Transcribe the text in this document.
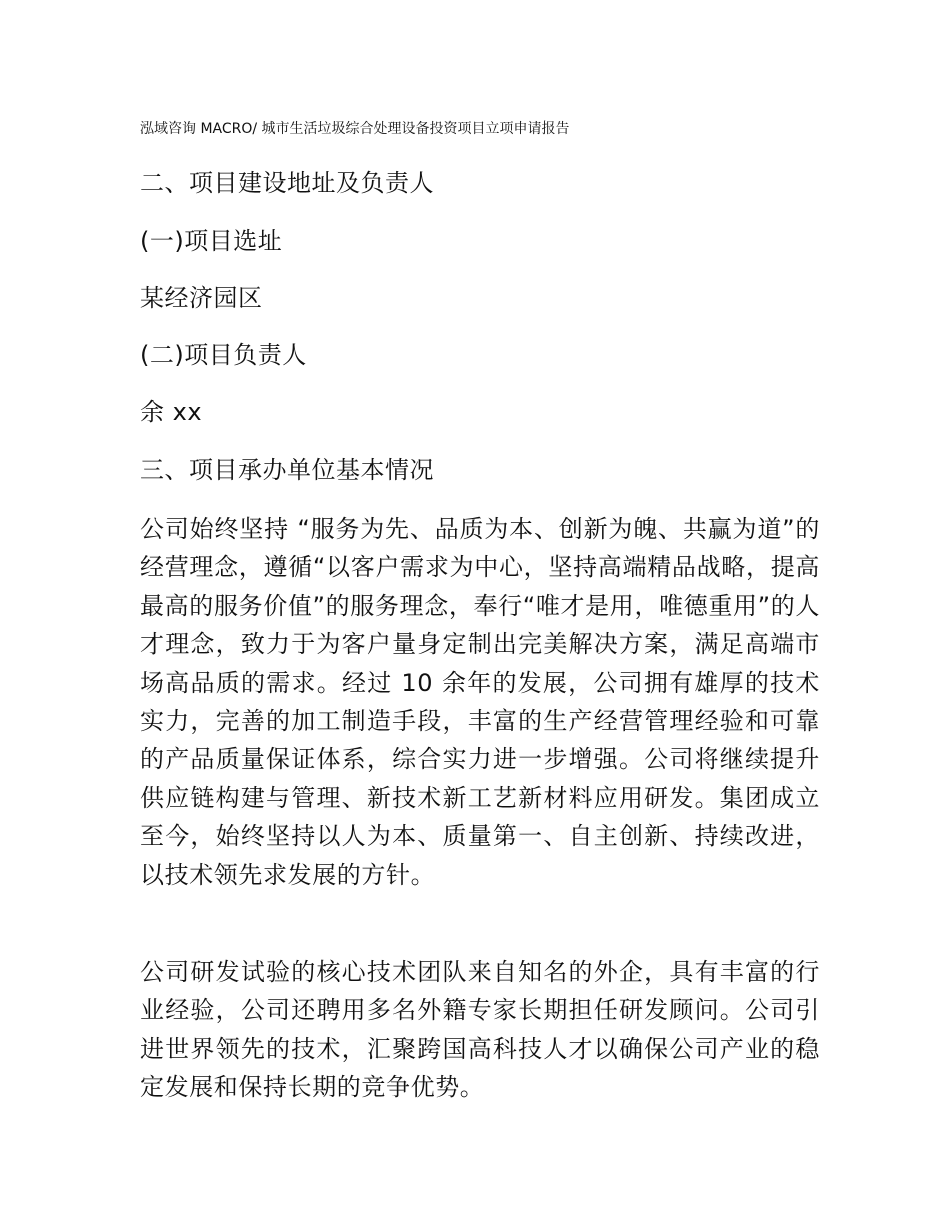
泓域咨询 MACRO/ 城市生活垃圾综合处理设备投资项目立项申请报告
二、项目建设地址及负责人
(一)项目选址
某经济园区
(二)项目负责人
余 xx
三、项目承办单位基本情况
公司始终坚持 “服务为先、品质为本、创新为魄、共赢为道”的经营理念，遵循“以客户需求为中心，坚持高端精品战略，提高最高的服务价值”的服务理念，奉行“唯才是用，唯德重用”的人才理念，致力于为客户量身定制出完美解决方案，满足高端市场高品质的需求。经过 10 余年的发展，公司拥有雄厚的技术实力，完善的加工制造手段，丰富的生产经营管理经验和可靠的产品质量保证体系，综合实力进一步增强。公司将继续提升供应链构建与管理、新技术新工艺新材料应用研发。集团成立至今，始终坚持以人为本、质量第一、自主创新、持续改进，以技术领先求发展的方针。
公司研发试验的核心技术团队来自知名的外企，具有丰富的行业经验，公司还聘用多名外籍专家长期担任研发顾问。公司引进世界领先的技术，汇聚跨国高科技人才以确保公司产业的稳定发展和保持长期的竞争优势。
